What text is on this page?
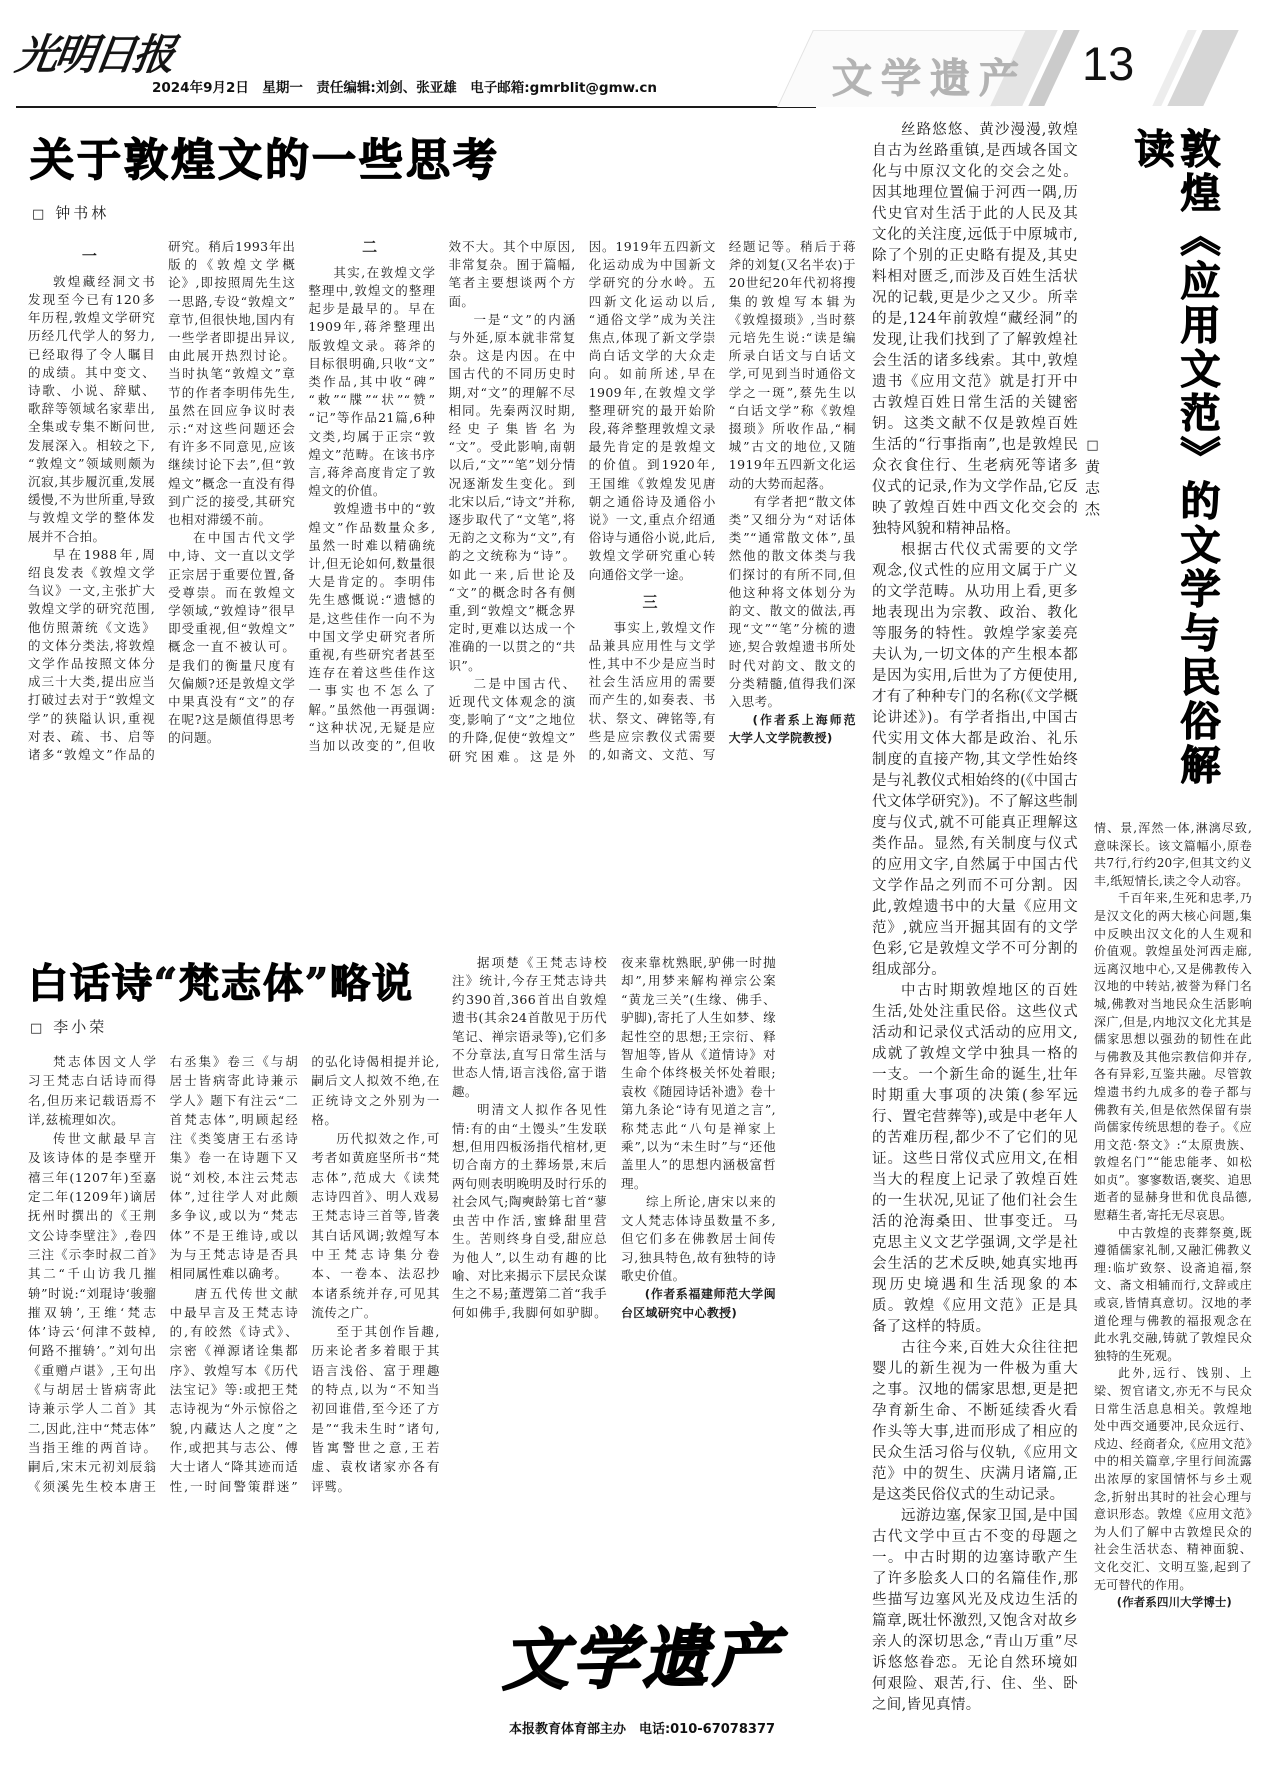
光明日报
2024年9月2日　星期一　责任编辑:刘剑、张亚雄　电子邮箱:gmrblit@gmw.cn	文学遗产 13
关于敦煌文的一些思考
□ 钟书林

一

敦煌藏经洞文书发现至今已有120多年历程,敦煌文学研究历经几代学人的努力,已经取得了令人瞩目的成绩。其中变文、诗歌、小说、辞赋、歌辞等领域名家辈出,全集或专集不断问世,发展深入。相较之下,“敦煌文”领域则颇为沉寂,其步履沉重,发展缓慢,不为世所重,导致与敦煌文学的整体发展并不合拍。

早在1988年,周绍良发表《敦煌文学刍议》一文,主张扩大敦煌文学的研究范围,他仿照萧统《文选》的文体分类法,将敦煌文学作品按照文体分成三十大类,提出应当打破过去对于“敦煌文学”的狭隘认识,重视对表、疏、书、启等诸多“敦煌文”作品的研究。稍后1993年出版的《敦煌文学概论》,即按照周先生这一思路,专设“敦煌文”章节,但很快地,国内有一些学者即提出异议,由此展开热烈讨论。当时执笔“敦煌文”章节的作者李明伟先生,虽然在回应争议时表示:“对这些问题还会有许多不同意见,应该继续讨论下去”,但“敦煌文”概念一直没有得到广泛的接受,其研究也相对滞缓不前。

在中国古代文学中,诗、文一直以文学正宗居于重要位置,备受尊崇。而在敦煌文学领域,“敦煌诗”很早即受重视,但“敦煌文”概念一直不被认可。是我们的衡量尺度有欠偏颇?还是敦煌文学中果真没有“文”的存在呢?这是颇值得思考的问题。

二

其实,在敦煌文学整理中,敦煌文的整理起步是最早的。早在1909年,蒋斧整理出版敦煌文录。蒋斧的目标很明确,只收“文”类作品,其中收“碑”“敕”“牒”“状”“赞”“记”等作品21篇,6种文类,均属于正宗“敦煌文”范畴。在该书序言,蒋斧高度肯定了敦煌文的价值。

敦煌遗书中的“敦煌文”作品数量众多,虽然一时难以精确统计,但无论如何,数量很大是肯定的。李明伟先生感慨说:“遗憾的是,这些佳作一向不为中国文学史研究者所重视,有些研究者甚至连存在着这些佳作这一事实也不怎么了解。”虽然他一再强调:“这种状况,无疑是应当加以改变的”,但收效不大。其个中原因,非常复杂。囿于篇幅,笔者主要想谈两个方面。

一是“文”的内涵与外延,原本就非常复杂。这是内因。在中国古代的不同历史时期,对“文”的理解不尽相同。先秦两汉时期,经史子集皆名为“文”。受此影响,南朝以后,“文”“笔”划分情况逐渐发生变化。到北宋以后,“诗文”并称,逐步取代了“文笔”,将无韵之文称为“文”,有韵之文统称为“诗”。如此一来,后世论及“文”的概念时各有侧重,到“敦煌文”概念界定时,更难以达成一个准确的一以贯之的“共识”。

二是中国古代、近现代文体观念的演变,影响了“文”之地位的升降,促使“敦煌文”研究困难。这是外因。1919年五四新文化运动成为中国新文学研究的分水岭。五四新文化运动以后,“通俗文学”成为关注焦点,体现了新文学崇尚白话文学的大众走向。如前所述,早在1909年,在敦煌文学整理研究的最开始阶段,蒋斧整理敦煌文录最先肯定的是敦煌文的价值。到1920年,王国维《敦煌发见唐朝之通俗诗及通俗小说》一文,重点介绍通俗诗与通俗小说,此后,敦煌文学研究重心转向通俗文学一途。

三

事实上,敦煌文作品兼具应用性与文学性,其中不少是应当时社会生活应用的需要而产生的,如奏表、书状、祭文、碑铭等,有些是应宗教仪式需要的,如斋文、文范、写经题记等。稍后于蒋斧的刘复(又名半农)于20世纪20年代初将搜集的敦煌写本辑为《敦煌掇琐》,当时蔡元培先生说:“读是编所录白话文与白话文学,可见到当时通俗文学之一斑”,蔡先生以“白话文学”称《敦煌掇琐》所收作品,“桐城”古文的地位,又随1919年五四新文化运动的大势而起落。

有学者把“散文体类”又细分为“对话体类”“通常散文体”,虽然他的散文体类与我们探讨的有所不同,但他这种将文体划分为韵文、散文的做法,再现“文”“笔”分梳的遗迹,契合敦煌遗书所处时代对韵文、散文的分类精髓,值得我们深入思考。

(作者系上海师范大学人文学院教授)

白话诗“梵志体”略说
□ 李小荣

梵志体因文人学习王梵志白话诗而得名,但历来记载语焉不详,兹梳理如次。

传世文献最早言及该诗体的是李壁开禧三年(1207年)至嘉定二年(1209年)谪居抚州时撰出的《王荆文公诗李壁注》,卷四三注《示李时叔二首》其二“千山访我几摧辀”时说:“刘琨诗‘骏骝摧双辀’,王维‘梵志体’诗云‘何津不鼓棹,何路不摧辀’。”刘句出《重赠卢谌》,王句出《与胡居士皆病寄此诗兼示学人二首》其二,因此,注中“梵志体”当指王维的两首诗。嗣后,宋末元初刘辰翁《须溪先生校本唐王右丞集》卷三《与胡居士皆病寄此诗兼示学人》题下有注云“二首梵志体”,明顾起经注《类笺唐王右丞诗集》卷一在诗题下又说“刘校,本注云梵志体”,过往学人对此颇多争议,或以为“梵志体”不是王维诗,或以为与王梵志诗是否具相同属性难以确考。

唐五代传世文献中最早言及王梵志诗的,有皎然《诗式》、宗密《禅源诸诠集都序》、敦煌写本《历代法宝记》等:或把王梵志诗视为“外示惊俗之貌,内藏达人之度”之作,或把其与志公、傅大士诸人“降其迹而适性,一时间警策群迷”的弘化诗偈相提并论,嗣后文人拟效不绝,在正统诗文之外别为一格。

历代拟效之作,可考者如黄庭坚所书“梵志体”,范成大《读梵志诗四首》、明人戏易王梵志诗三首等,皆袭其白话风调;敦煌写本中王梵志诗集分卷本、一卷本、法忍抄本诸系统并存,可见其流传之广。

至于其创作旨趣,历来论者多着眼于其语言浅俗、富于理趣的特点,以为“不知当初回谁借,至今还了方是”“我未生时”诸句,皆寓警世之意,王若虚、袁枚诸家亦各有评骘。

据项楚《王梵志诗校注》统计,今存王梵志诗共约390首,366首出自敦煌遗书(其余24首散见于历代笔记、禅宗语录等),它们多不分章法,直写日常生活与世态人情,语言浅俗,富于谐趣。

明清文人拟作各见性情:有的由“土馒头”生发联想,但用四板汤指代棺材,更切合南方的土葬场景,末后两句则表明晚明及时行乐的社会风气;陶奭龄第七首“蓼虫苦中作活,蜜蜂甜里营生。苦则终身自受,甜应总为他人”,以生动有趣的比喻、对比来揭示下层民众谋生之不易;董遌第二首“我手何如佛手,我脚何如驴脚。夜来靠枕熟眠,驴佛一时抛却”,用梦来解构禅宗公案“黄龙三关”(生缘、佛手、驴脚),寄托了人生如梦、缘起性空的思想;王宗衍、释智旭等,皆从《道情诗》对生命个体终极关怀处着眼;袁枚《随园诗话补遗》卷十第九条论“诗有见道之言”,称梵志此“八句是禅家上乘”,以为“未生时”与“还他盖里人”的思想内涵极富哲理。

综上所论,唐宋以来的文人梵志体诗虽数量不多,但它们多在佛教居士间传习,独具特色,故有独特的诗歌史价值。

(作者系福建师范大学闽台区域研究中心教授)

文学遗产
本报教育体育部主办　电话:010-67078377

丝路悠悠、黄沙漫漫,敦煌自古为丝路重镇,是西域各国文化与中原汉文化的交会之处。因其地理位置偏于河西一隅,历代史官对生活于此的人民及其文化的关注度,远低于中原城市,除了个别的正史略有提及,其史料相对匮乏,而涉及百姓生活状况的记载,更是少之又少。所幸的是,124年前敦煌“藏经洞”的发现,让我们找到了了解敦煌社会生活的诸多线索。其中,敦煌遗书《应用文范》就是打开中古敦煌百姓日常生活的关键密钥。这类文献不仅是敦煌百姓生活的“行事指南”,也是敦煌民众衣食住行、生老病死等诸多仪式的记录,作为文学作品,它反映了敦煌百姓中西文化交会的独特风貌和精神品格。

根据古代仪式需要的文学观念,仪式性的应用文属于广义的文学范畴。从功用上看,更多地表现出为宗教、政治、教化等服务的特性。敦煌学家姜亮夫认为,一切文体的产生根本都是因为实用,后世为了方便使用,才有了种种专门的名称(《文学概论讲述》)。有学者指出,中国古代实用文体大都是政治、礼乐制度的直接产物,其文学性始终是与礼教仪式相始终的(《中国古代文体学研究》)。不了解这些制度与仪式,就不可能真正理解这类作品。显然,有关制度与仪式的应用文字,自然属于中国古代文学作品之列而不可分割。因此,敦煌遗书中的大量《应用文范》,就应当开掘其固有的文学色彩,它是敦煌文学不可分割的组成部分。

中古时期敦煌地区的百姓生活,处处注重民俗。这些仪式活动和记录仪式活动的应用文,成就了敦煌文学中独具一格的一支。一个新生命的诞生,壮年时期重大事项的决策(参军远行、置宅营葬等),或是中老年人的苦难历程,都少不了它们的见证。这些日常仪式应用文,在相当大的程度上记录了敦煌百姓的一生状况,见证了他们社会生活的沧海桑田、世事变迁。马克思主义文艺学强调,文学是社会生活的艺术反映,她真实地再现历史境遇和生活现象的本质。敦煌《应用文范》正是具备了这样的特质。

古往今来,百姓大众往往把婴儿的新生视为一件极为重大之事。汉地的儒家思想,更是把孕育新生命、不断延续香火看作头等大事,进而形成了相应的民众生活习俗与仪轨,《应用文范》中的贺生、庆满月诸篇,正是这类民俗仪式的生动记录。

远游边塞,保家卫国,是中国古代文学中亘古不变的母题之一。中古时期的边塞诗歌产生了许多脍炙人口的名篇佳作,那些描写边塞风光及戍边生活的篇章,既壮怀激烈,又饱含对故乡亲人的深切思念,“青山万重”尽诉悠悠眷恋。无论自然环境如何艰险、艰苦,行、住、坐、卧之间,皆见真情。

敦煌《应用文范》的文学与民俗解读
□黄志杰

情、景,浑然一体,淋漓尽致,意味深长。该文篇幅小,原卷共7行,行约20字,但其文约义丰,纸短情长,读之令人动容。

千百年来,生死和忠孝,乃是汉文化的两大核心问题,集中反映出汉文化的人生观和价值观。敦煌虽处河西走廊,远离汉地中心,又是佛教传入汉地的中转站,被誉为释门名城,佛教对当地民众生活影响深广,但是,内地汉文化尤其是儒家思想以强劲的韧性在此与佛教及其他宗教信仰并存,各有异彩,互鉴共融。尽管敦煌遗书约九成多的卷子都与佛教有关,但是依然保留有崇尚儒家传统思想的卷子。《应用文范·祭文》:“太原贵族、敦煌名门”“能忠能孝、如松如贞”。寥寥数语,褒奖、追思逝者的显赫身世和优良品德,慰藉生者,寄托无尽哀思。

中古敦煌的丧葬祭奠,既遵循儒家礼制,又融汇佛教义理:临圹致祭、设斋追福,祭文、斋文相辅而行,文辞或庄或哀,皆情真意切。汉地的孝道伦理与佛教的福报观念在此水乳交融,铸就了敦煌民众独特的生死观。

此外,远行、饯别、上梁、贺官诸文,亦无不与民众日常生活息息相关。敦煌地处中西交通要冲,民众远行、戍边、经商者众,《应用文范》中的相关篇章,字里行间流露出浓厚的家国情怀与乡土观念,折射出其时的社会心理与意识形态。敦煌《应用文范》为人们了解中古敦煌民众的社会生活状态、精神面貌、文化交汇、文明互鉴,起到了无可替代的作用。

(作者系四川大学博士)
